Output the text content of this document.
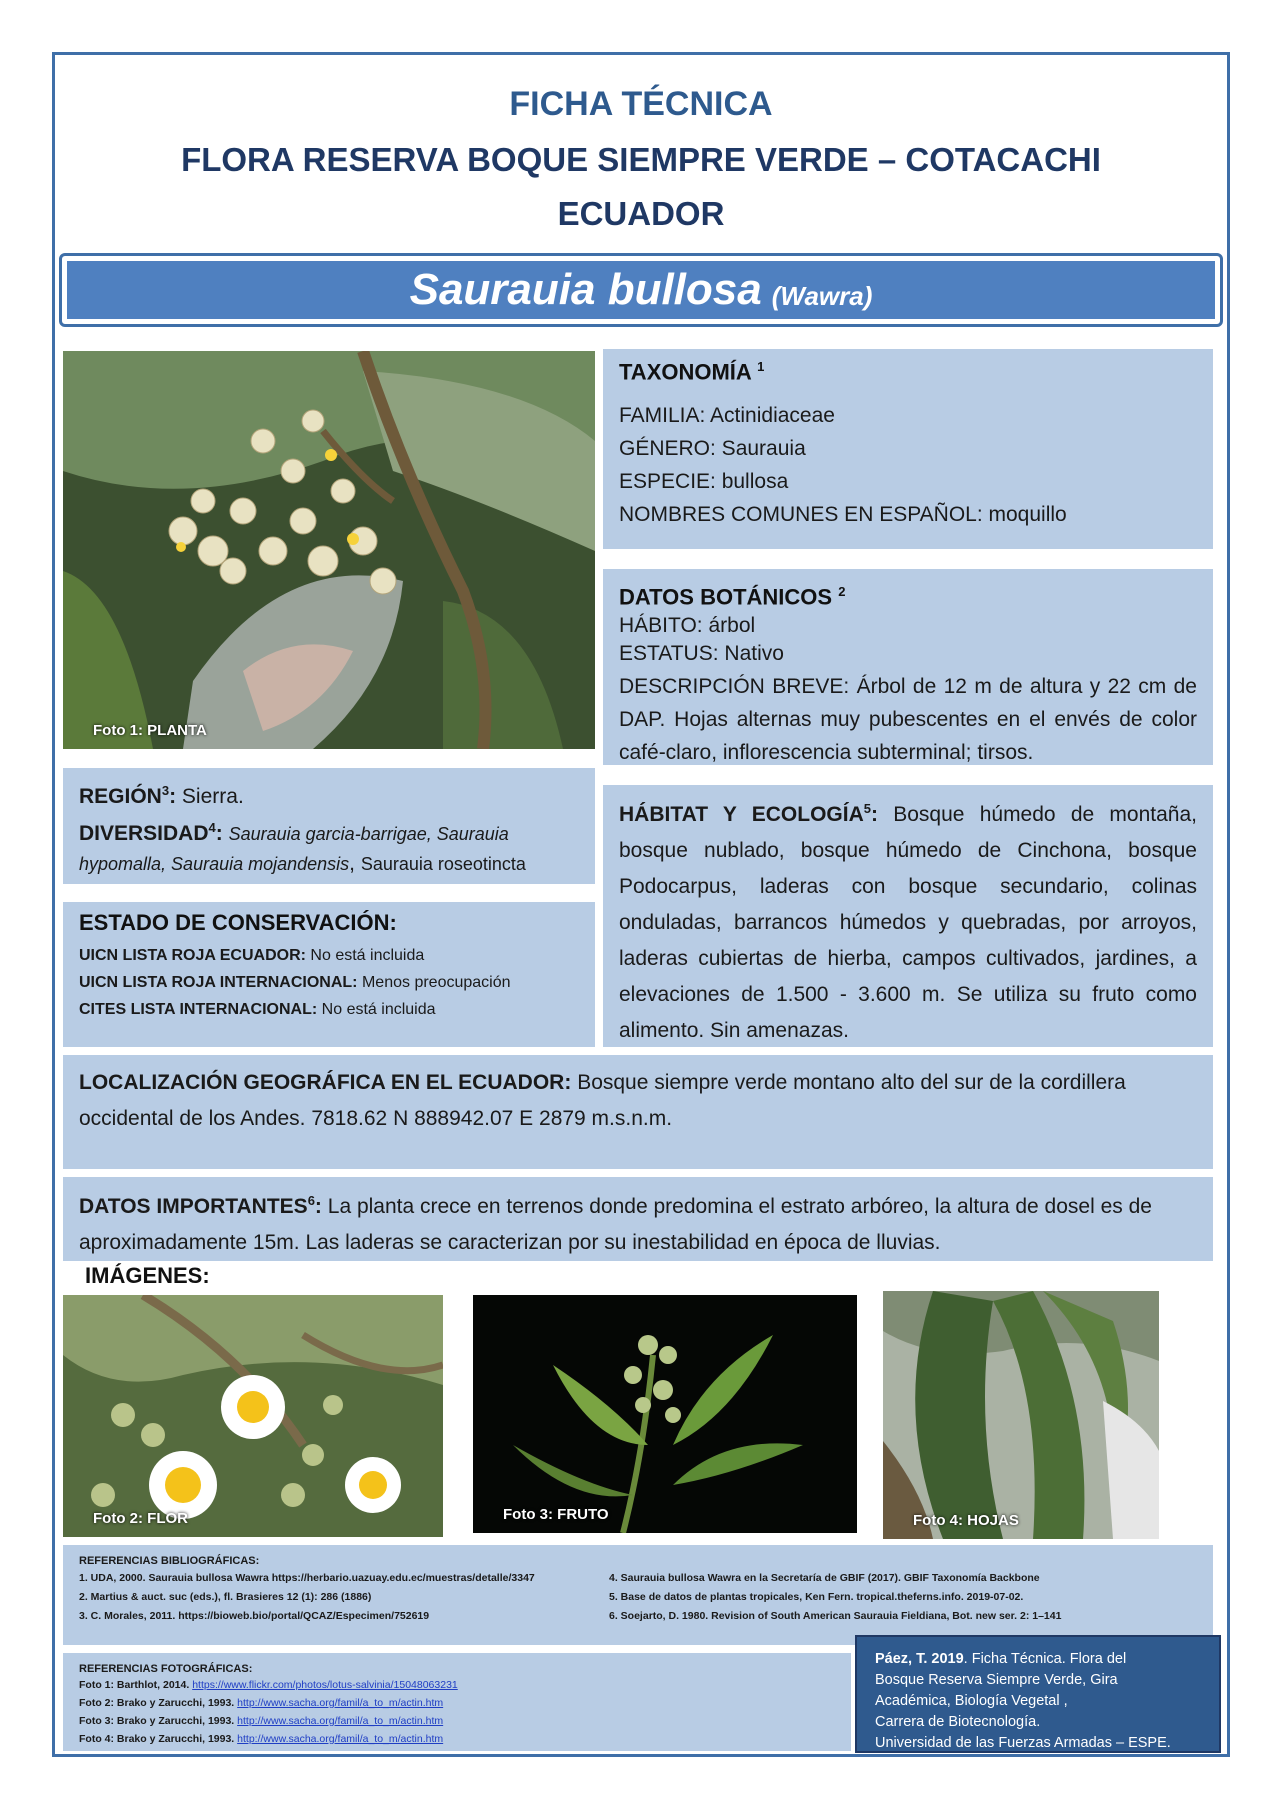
FICHA TÉCNICA
FLORA RESERVA BOQUE SIEMPRE VERDE – COTACACHI
ECUADOR
Saurauia bullosa (Wawra)
Foto 1: PLANTA
TAXONOMÍA $^1$
FAMILIA: Actinidiaceae
GÉNERO: Saurauia
ESPECIE: bullosa
NOMBRES COMUNES EN ESPAÑOL: moquillo
DATOS BOTÁNICOS $^2$
HÁBITO: árbol
ESTATUS: Nativo
DESCRIPCIÓN BREVE: Árbol de 12 m de altura y 22 cm de DAP. Hojas alternas muy pubescentes en el envés de color café-claro, inflorescencia subterminal; tirsos.
REGIÓN$^3$: Sierra.
DIVERSIDAD$^4$: Saurauia garcia-barrigae, Saurauia hypomalla, Saurauia mojandensis, Saurauia roseotincta
HÁBITAT Y ECOLOGÍA$^5$: Bosque húmedo de montaña, bosque nublado, bosque húmedo de Cinchona, bosque Podocarpus, laderas con bosque secundario, colinas onduladas, barrancos húmedos y quebradas, por arroyos, laderas cubiertas de hierba, campos cultivados, jardines, a elevaciones de 1.500 - 3.600 m. Se utiliza su fruto como alimento. Sin amenazas.
ESTADO DE CONSERVACIÓN:
UICN LISTA ROJA ECUADOR: No está incluida
UICN LISTA ROJA INTERNACIONAL: Menos preocupación
CITES LISTA INTERNACIONAL: No está incluida
LOCALIZACIÓN GEOGRÁFICA EN EL ECUADOR: Bosque siempre verde montano alto del sur de la cordillera occidental de los Andes. 7818.62 N 888942.07 E 2879 m.s.n.m.
DATOS IMPORTANTES$^6$: La planta crece en terrenos donde predomina el estrato arbóreo, la altura de dosel es de aproximadamente 15m. Las laderas se caracterizan por su inestabilidad en época de lluvias.
IMÁGENES:
Foto 2: FLOR	Foto 3: FRUTO	Foto 4: HOJAS
REFERENCIAS BIBLIOGRÁFICAS:
1. UDA, 2000. Saurauia bullosa Wawra https://herbario.uazuay.edu.ec/muestras/detalle/3347
2. Martius & auct. suc (eds.), fl. Brasieres 12 (1): 286 (1886)
3. C. Morales, 2011. https://bioweb.bio/portal/QCAZ/Especimen/752619
4. Saurauia bullosa Wawra en la Secretaría de GBIF (2017). GBIF Taxonomía Backbone
5. Base de datos de plantas tropicales, Ken Fern. tropical.theferns.info. 2019-07-02.
6. Soejarto, D. 1980. Revision of South American Saurauia Fieldiana, Bot. new ser. 2: 1–141
REFERENCIAS FOTOGRÁFICAS:
Foto 1: Barthlot, 2014. https://www.flickr.com/photos/lotus-salvinia/15048063231
Foto 2: Brako y Zarucchi, 1993. http://www.sacha.org/famil/a_to_m/actin.htm
Foto 3: Brako y Zarucchi, 1993. http://www.sacha.org/famil/a_to_m/actin.htm
Foto 4: Brako y Zarucchi, 1993. http://www.sacha.org/famil/a_to_m/actin.htm
Páez, T. 2019. Ficha Técnica. Flora del
Bosque Reserva Siempre Verde, Gira
Académica, Biología Vegetal ,
Carrera de Biotecnología.
Universidad de las Fuerzas Armadas – ESPE.
